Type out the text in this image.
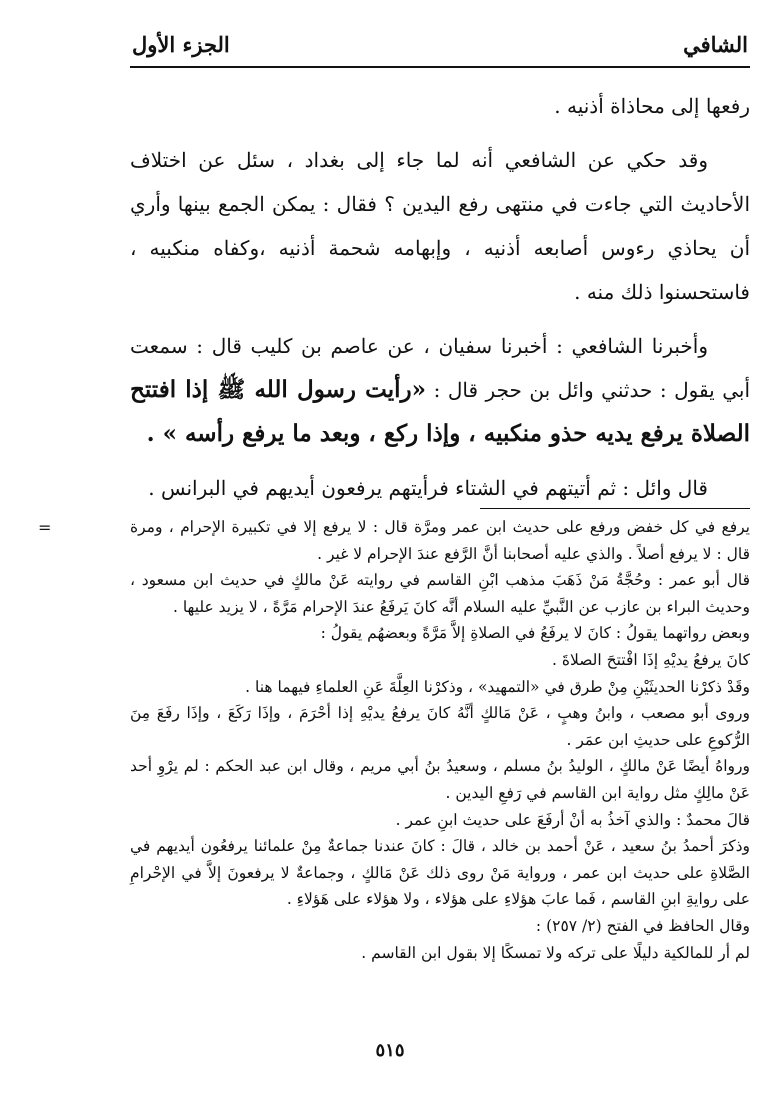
الشافي
الجزء الأول

رفعها إلى محاذاة أذنيه .

وقد حكي عن الشافعي أنه لما جاء إلى بغداد ، سئل عن اختلاف الأحاديث التي جاءت في منتهى رفع اليدين ؟ فقال : يمكن الجمع بينها وأري أن يحاذي رءوس أصابعه أذنيه ، وإبهامه شحمة أذنيه ،وكفاه منكبيه ، فاستحسنوا ذلك منه .

وأخبرنا الشافعي : أخبرنا سفيان ، عن عاصم بن كليب قال : سمعت أبي يقول : حدثني وائل بن حجر قال : «رأيت رسول الله ﷺ إذا افتتح الصلاة يرفع يديه حذو منكبيه ، وإذا ركع ، وبعد ما يرفع رأسه » .

قال وائل : ثم أتيتهم في الشتاء فرأيتهم يرفعون أيديهم في البرانس .

=	يرفع في كل خفض ورفع على حديث ابن عمر ومرَّة قال : لا يرفع إلا في تكبيرة الإحرام ، ومرة قال : لا يرفع أصلاً . والذي عليه أصحابنا أنَّ الرَّفع عندَ الإحرام لا غير .

قال أبو عمر : وحُجَّةُ مَنْ ذَهَبَ مذهب ابْنِ القاسم في روايته عَنْ مالكٍ في حديث ابن مسعود ، وحديث البراء بن عازب عن النَّبيِّ عليه السلام أنَّه كانَ يَرفَعُ عندَ الإحرام مَرَّةً ، لا يزيد عليها .

وبعض رواتهما يقولُ : كانَ لا يرفَعُ في الصلاةِ إلاَّ مَرَّةً وبعضهُم يقولُ :

كانَ يرفعُ يديْهِ إذَا افْتتحَ الصلاةَ .

وقَدْ ذكرْنا الحديثَيْنِ مِنْ طرق في «التمهيد» ، وذكرْنا العِلَّةَ عَنِ العلماءِ فيهما هنا .

وروى أبو مصعب ، وابنُ وهبٍ ، عَنْ مَالكٍ أنَّهُ كانَ يرفعُ يديْهِ إذا أحْرَمَ ، وإذَا رَكَعَ ، وإذَا رفَعَ مِنَ الرُّكوعِ على حديثِ ابن عمَر .

ورواهُ أيضًا عَنْ مالكٍ ، الوليدُ بنُ مسلم ، وسعيدُ بنُ أبي مريم ، وقال ابن عبد الحكم : لم يرْوِ أحد عَنْ مالِكٍ مثل رواية ابن القاسم في رَفعِ اليدين .

قالَ محمدٌ : والذي آخذُ به أنْ أرفَعَ على حديث ابنِ عمر .

وذكرَ أحمدُ بنُ سعيد ، عَنْ أحمد بن خالد ، قالَ : كانَ عندنا جماعةٌ مِنْ علمائنا يرفعُون أيديهم في الصَّلاةِ على حديث ابن عمر ، ورواية مَنْ روى ذلك عَنْ مَالكٍ ، وجماعةٌ لا يرفعونَ إلاَّ في الإحْرامِ على روايةِ ابنِ القاسم ، فَما عابَ هؤلاءِ على هؤلاء ، ولا هؤلاء على هَؤلاءِ .

وقال الحافظ في الفتح (٢/ ٢٥٧) :

لم أر للمالكية دليلًا على تركه ولا تمسكًا إلا بقول ابن القاسم .

٥١٥
